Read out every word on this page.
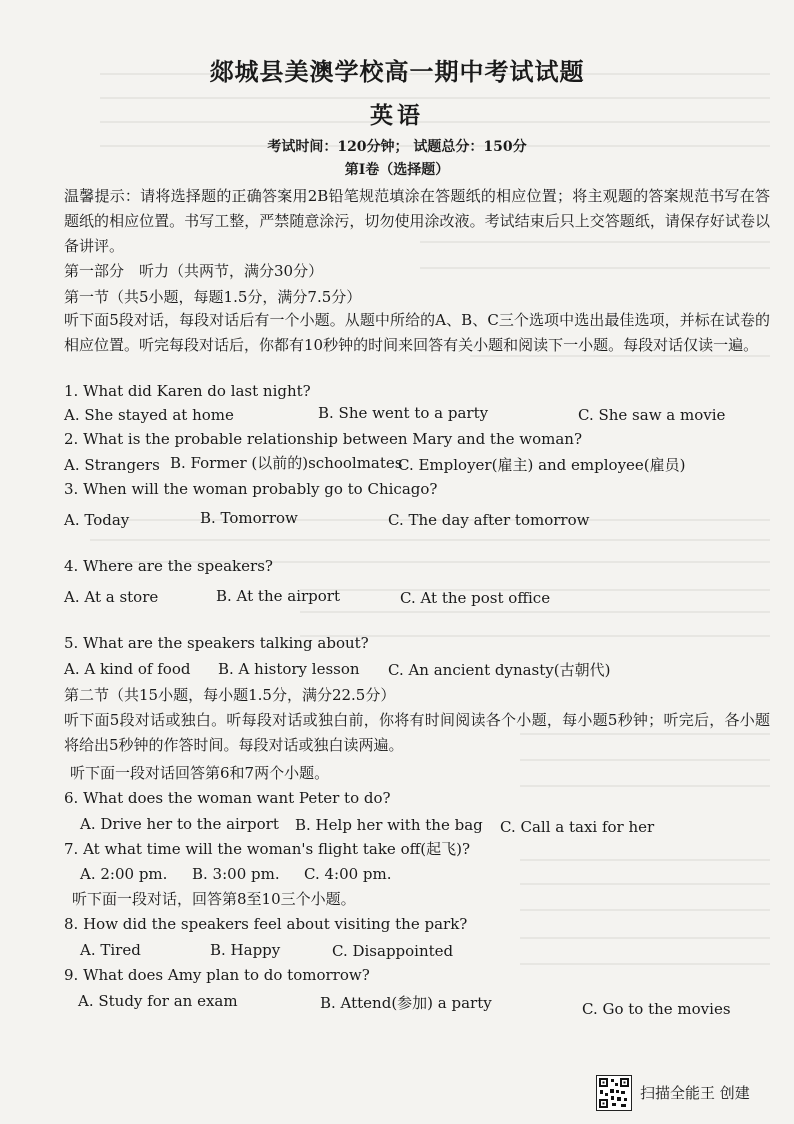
郯城县美澳学校高一期中考试试题
英语
考试时间：120分钟； 试题总分：150分
第Ⅰ卷（选择题）
温馨提示：请将选择题的正确答案用2B铅笔规范填涂在答题纸的相应位置；将主观题的答案规范书写在答题纸的相应位置。书写工整，严禁随意涂污，切勿使用涂改液。考试结束后只上交答题纸，请保存好试卷以备讲评。
第一部分　听力（共两节，满分30分）
第一节（共5小题，每题1.5分，满分7.5分）
听下面5段对话，每段对话后有一个小题。从题中所给的A、B、C三个选项中选出最佳选项，并标在试卷的相应位置。听完每段对话后，你都有10秒钟的时间来回答有关小题和阅读下一小题。每段对话仅读一遍。
1. What did Karen do last night?
A. She stayed at home	B. She went to a party	C. She saw a movie
2. What is the probable relationship between Mary and the woman?
A. Strangers B. Former (以前的)schoolmates
C. Employer(雇主) and employee(雇员)
3. When will the woman probably go to Chicago?
A. Today	B. Tomorrow	C. The day after tomorrow
4. Where are the speakers?
A. At a store	B. At the airport	C. At the post office
5. What are the speakers talking about?
A. A kind of food B. A history lesson C. An ancient dynasty(古朝代)
第二节（共15小题，每小题1.5分，满分22.5分）
听下面5段对话或独白。听每段对话或独白前，你将有时间阅读各个小题，每小题5秒钟；听完后，各小题将给出5秒钟的作答时间。每段对话或独白读两遍。
听下面一段对话回答第6和7两个小题。
6. What does the woman want Peter to do?
A. Drive her to the airport B. Help her with the bag C. Call a taxi for her
7. At what time will the woman's flight take off(起飞)?
A. 2:00 pm. B. 3:00 pm. C. 4:00 pm.
听下面一段对话，回答第8至10三个小题。
8. How did the speakers feel about visiting the park?
A. Tired	B. Happy	C. Disappointed
9. What does Amy plan to do tomorrow?
A. Study for an exam	B. Attend(参加) a party	C. Go to the movies
扫描全能王 创建
